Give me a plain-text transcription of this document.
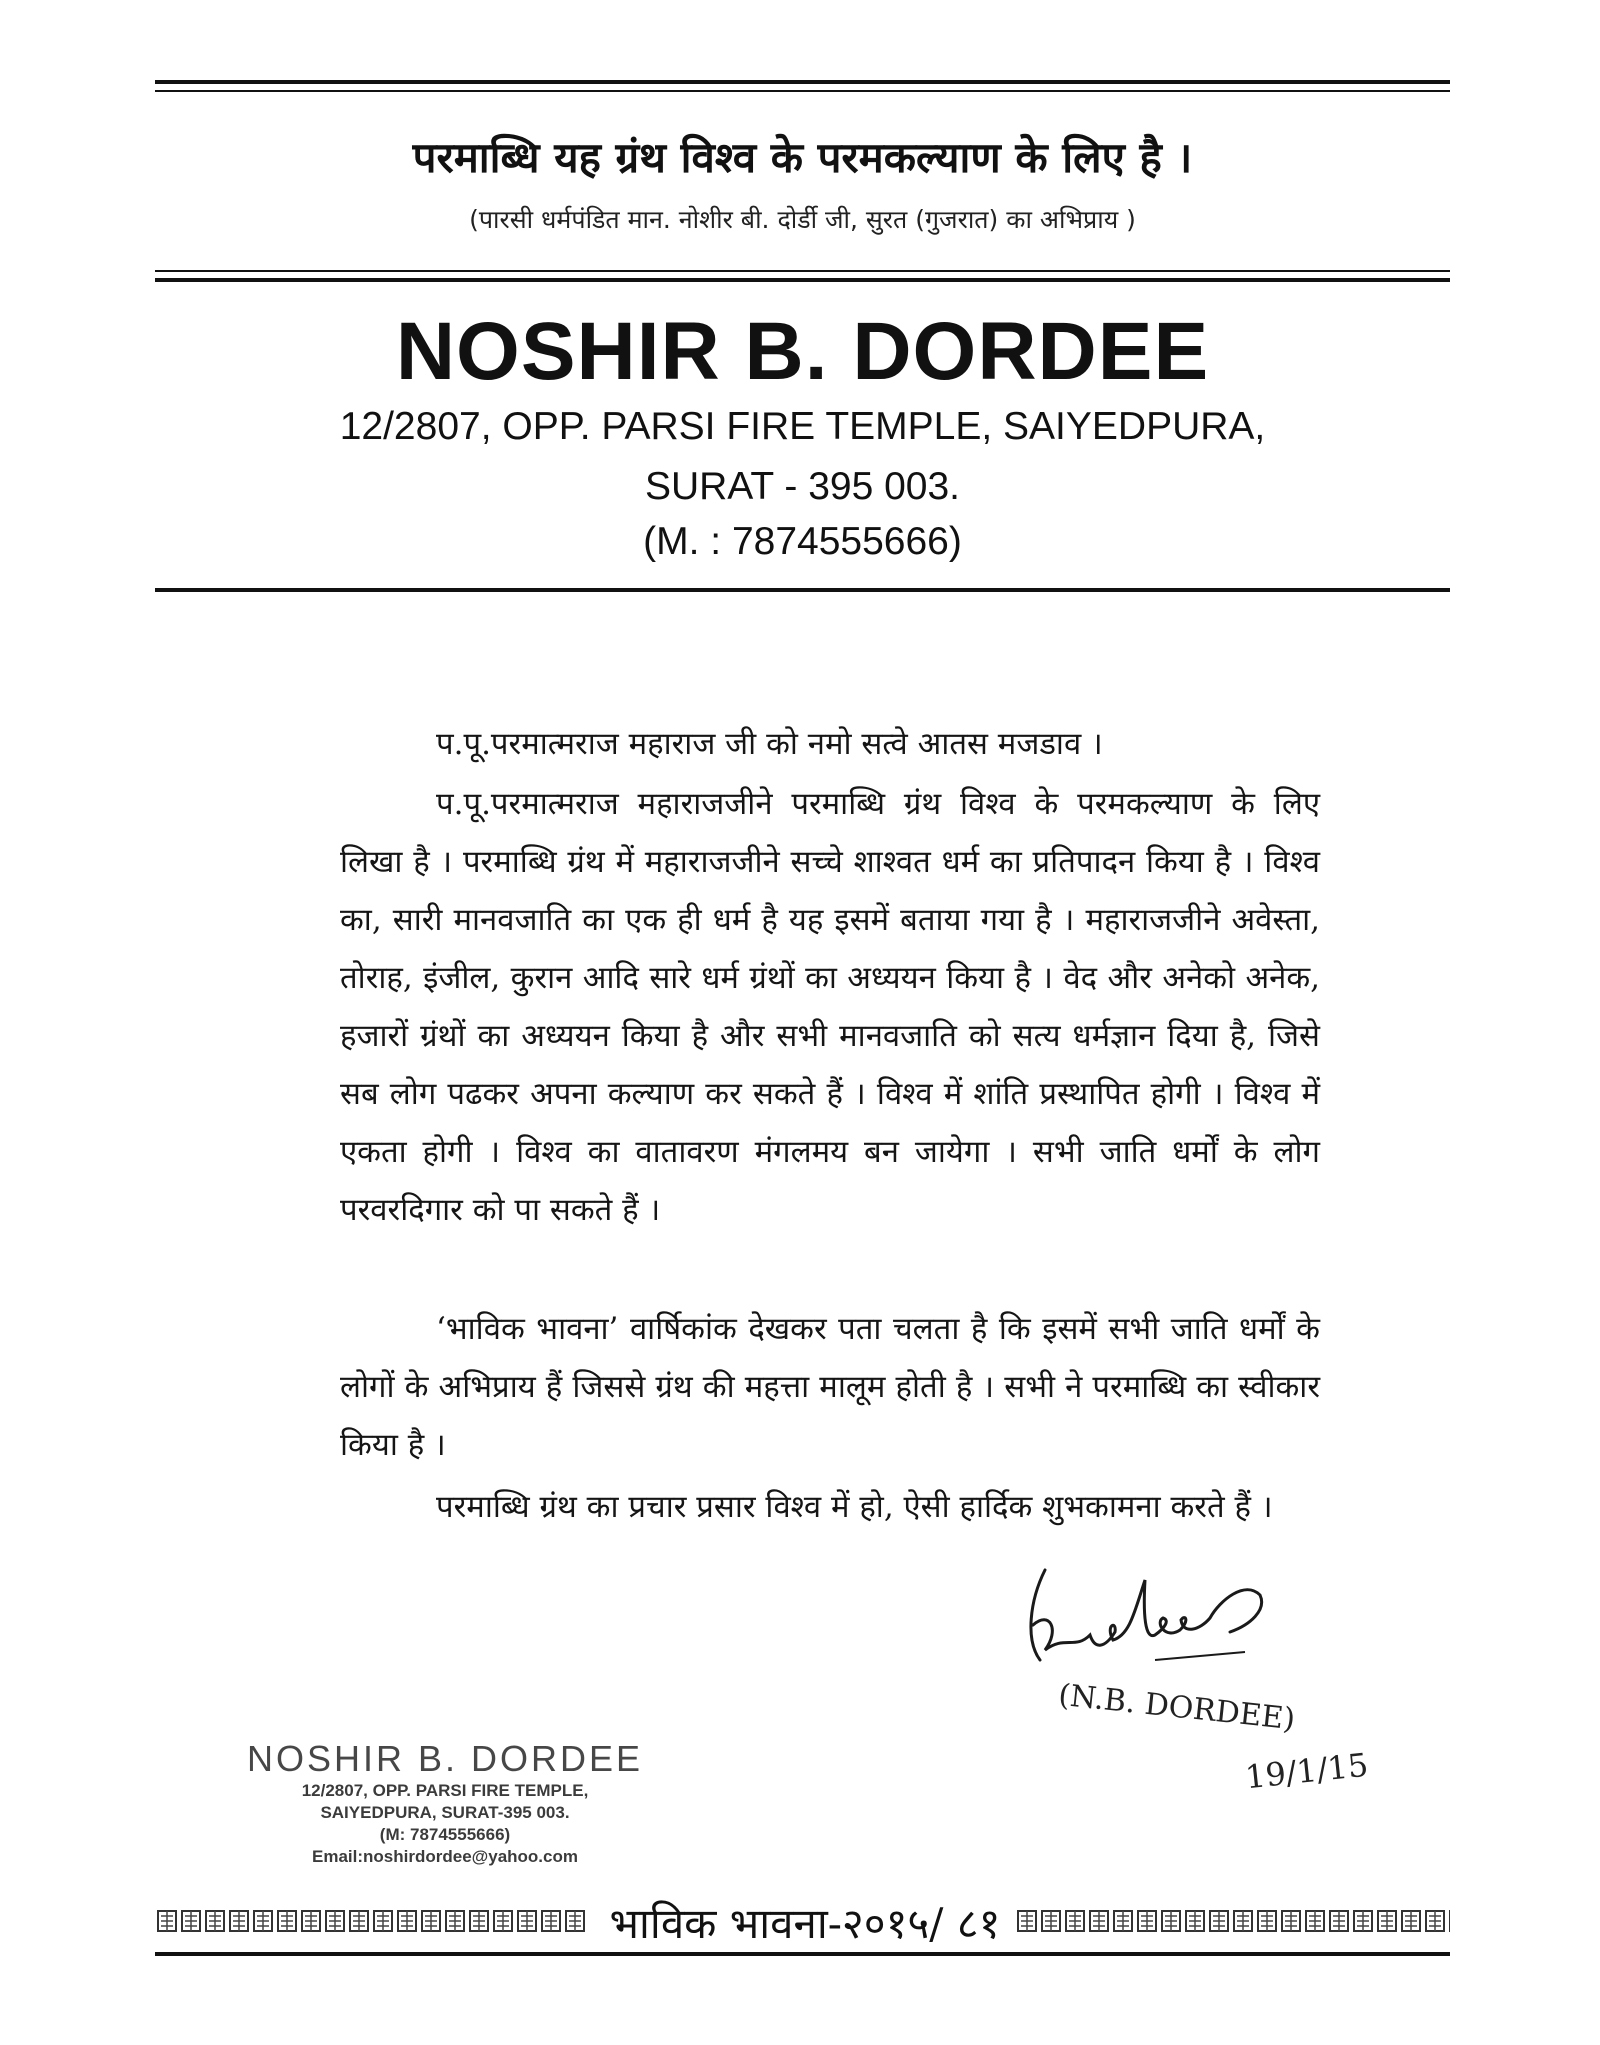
परमाब्धि यह ग्रंथ विश्व के परमकल्याण के लिए है ।
(पारसी धर्मपंडित मान. नोशीर बी. दोर्डी जी, सुरत (गुजरात) का अभिप्राय )
NOSHIR B. DORDEE
12/2807, OPP. PARSI FIRE TEMPLE, SAIYEDPURA,
SURAT - 395 003.
(M. : 7874555666)
प.पू.परमात्मराज महाराज जी को नमो सत्वे आतस मजडाव ।
प.पू.परमात्मराज महाराजजीने परमाब्धि ग्रंथ विश्व के परमकल्याण के लिए लिखा है । परमाब्धि ग्रंथ में महाराजजीने सच्चे शाश्वत धर्म का प्रतिपादन किया है । विश्व का, सारी मानवजाति का एक ही धर्म है यह इसमें बताया गया है । महाराजजीने अवेस्ता, तोराह, इंजील, कुरान आदि सारे धर्म ग्रंथों का अध्ययन किया है । वेद और अनेको अनेक, हजारों ग्रंथों का अध्ययन किया है और सभी मानवजाति को सत्य धर्मज्ञान दिया है, जिसे सब लोग पढकर अपना कल्याण कर सकते हैं । विश्व में शांति प्रस्थापित होगी । विश्व में एकता होगी । विश्व का वातावरण मंगलमय बन जायेगा । सभी जाति धर्मों के लोग परवरदिगार को पा सकते हैं ।
‘भाविक भावना’ वार्षिकांक देखकर पता चलता है कि इसमें सभी जाति धर्मों के लोगों के अभिप्राय हैं जिससे ग्रंथ की महत्ता मालूम होती है । सभी ने परमाब्धि का स्वीकार किया है ।
परमाब्धि ग्रंथ का प्रचार प्रसार विश्व में हो, ऐसी हार्दिक शुभकामना करते हैं ।
(N.B. DORDEE)
19/1/15
NOSHIR B. DORDEE
12/2807, OPP. PARSI FIRE TEMPLE,
SAIYEDPURA, SURAT-395 003.
(M: 7874555666)
Email:noshirdordee@yahoo.com
भाविक भावना-२०१५/ ८१
